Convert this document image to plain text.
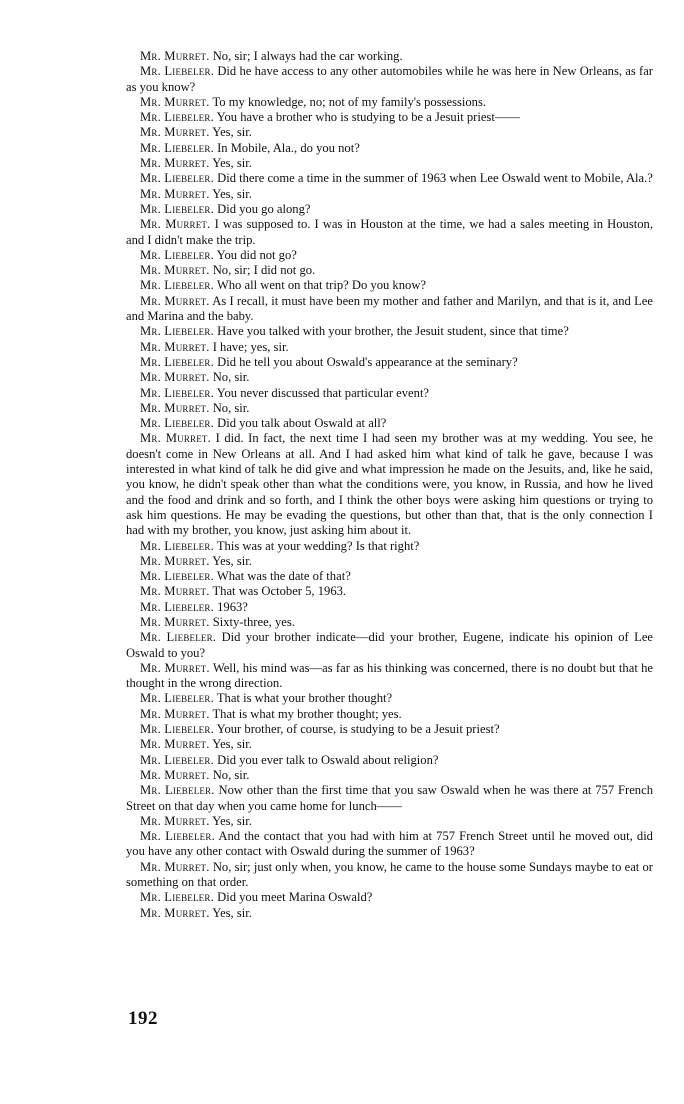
Mr. Murret. No, sir; I always had the car working.

Mr. Liebeler. Did he have access to any other automobiles while he was here in New Orleans, as far as you know?

Mr. Murret. To my knowledge, no; not of my family's possessions.

Mr. Liebeler. You have a brother who is studying to be a Jesuit priest——

Mr. Murret. Yes, sir.

Mr. Liebeler. In Mobile, Ala., do you not?

Mr. Murret. Yes, sir.

Mr. Liebeler. Did there come a time in the summer of 1963 when Lee Oswald went to Mobile, Ala.?

Mr. Murret. Yes, sir.

Mr. Liebeler. Did you go along?

Mr. Murret. I was supposed to. I was in Houston at the time, we had a sales meeting in Houston, and I didn't make the trip.

Mr. Liebeler. You did not go?

Mr. Murret. No, sir; I did not go.

Mr. Liebeler. Who all went on that trip? Do you know?

Mr. Murret. As I recall, it must have been my mother and father and Marilyn, and that is it, and Lee and Marina and the baby.

Mr. Liebeler. Have you talked with your brother, the Jesuit student, since that time?

Mr. Murret. I have; yes, sir.

Mr. Liebeler. Did he tell you about Oswald's appearance at the seminary?

Mr. Murret. No, sir.

Mr. Liebeler. You never discussed that particular event?

Mr. Murret. No, sir.

Mr. Liebeler. Did you talk about Oswald at all?

Mr. Murret. I did. In fact, the next time I had seen my brother was at my wedding. You see, he doesn't come in New Orleans at all. And I had asked him what kind of talk he gave, because I was interested in what kind of talk he did give and what impression he made on the Jesuits, and, like he said, you know, he didn't speak other than what the conditions were, you know, in Russia, and how he lived and the food and drink and so forth, and I think the other boys were asking him questions or trying to ask him questions. He may be evading the questions, but other than that, that is the only connection I had with my brother, you know, just asking him about it.

Mr. Liebeler. This was at your wedding? Is that right?

Mr. Murret. Yes, sir.

Mr. Liebeler. What was the date of that?

Mr. Murret. That was October 5, 1963.

Mr. Liebeler. 1963?

Mr. Murret. Sixty-three, yes.

Mr. Liebeler. Did your brother indicate—did your brother, Eugene, indicate his opinion of Lee Oswald to you?

Mr. Murret. Well, his mind was—as far as his thinking was concerned, there is no doubt but that he thought in the wrong direction.

Mr. Liebeler. That is what your brother thought?

Mr. Murret. That is what my brother thought; yes.

Mr. Liebeler. Your brother, of course, is studying to be a Jesuit priest?

Mr. Murret. Yes, sir.

Mr. Liebeler. Did you ever talk to Oswald about religion?

Mr. Murret. No, sir.

Mr. Liebeler. Now other than the first time that you saw Oswald when he was there at 757 French Street on that day when you came home for lunch——

Mr. Murret. Yes, sir.

Mr. Liebeler. And the contact that you had with him at 757 French Street until he moved out, did you have any other contact with Oswald during the summer of 1963?

Mr. Murret. No, sir; just only when, you know, he came to the house some Sundays maybe to eat or something on that order.

Mr. Liebeler. Did you meet Marina Oswald?

Mr. Murret. Yes, sir.

192
